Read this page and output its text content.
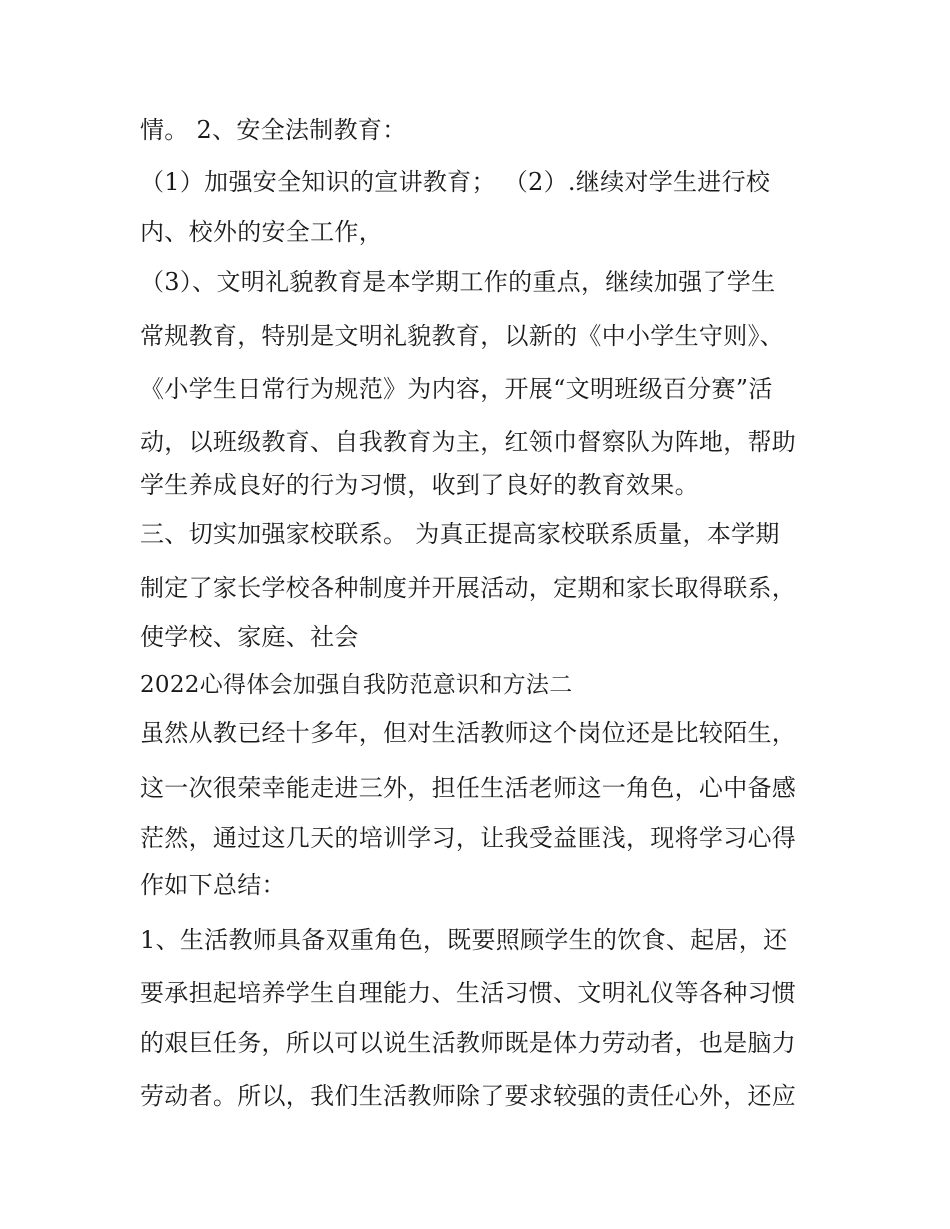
情。 2、安全法制教育：
（1）加强安全知识的宣讲教育； （2）.继续对学生进行校
内、校外的安全工作，
（3）、文明礼貌教育是本学期工作的重点，继续加强了学生
常规教育，特别是文明礼貌教育，以新的《中小学生守则》、
《小学生日常行为规范》为内容，开展“文明班级百分赛”活
动，以班级教育、自我教育为主，红领巾督察队为阵地，帮助
学生养成良好的行为习惯，收到了良好的教育效果。
三、切实加强家校联系。 为真正提高家校联系质量，本学期
制定了家长学校各种制度并开展活动，定期和家长取得联系，
使学校、家庭、社会
2022心得体会加强自我防范意识和方法二
虽然从教已经十多年，但对生活教师这个岗位还是比较陌生，
这一次很荣幸能走进三外，担任生活老师这一角色，心中备感
茫然，通过这几天的培训学习，让我受益匪浅，现将学习心得
作如下总结：
1、生活教师具备双重角色，既要照顾学生的饮食、起居，还
要承担起培养学生自理能力、生活习惯、文明礼仪等各种习惯
的艰巨任务，所以可以说生活教师既是体力劳动者，也是脑力
劳动者。所以，我们生活教师除了要求较强的责任心外，还应
